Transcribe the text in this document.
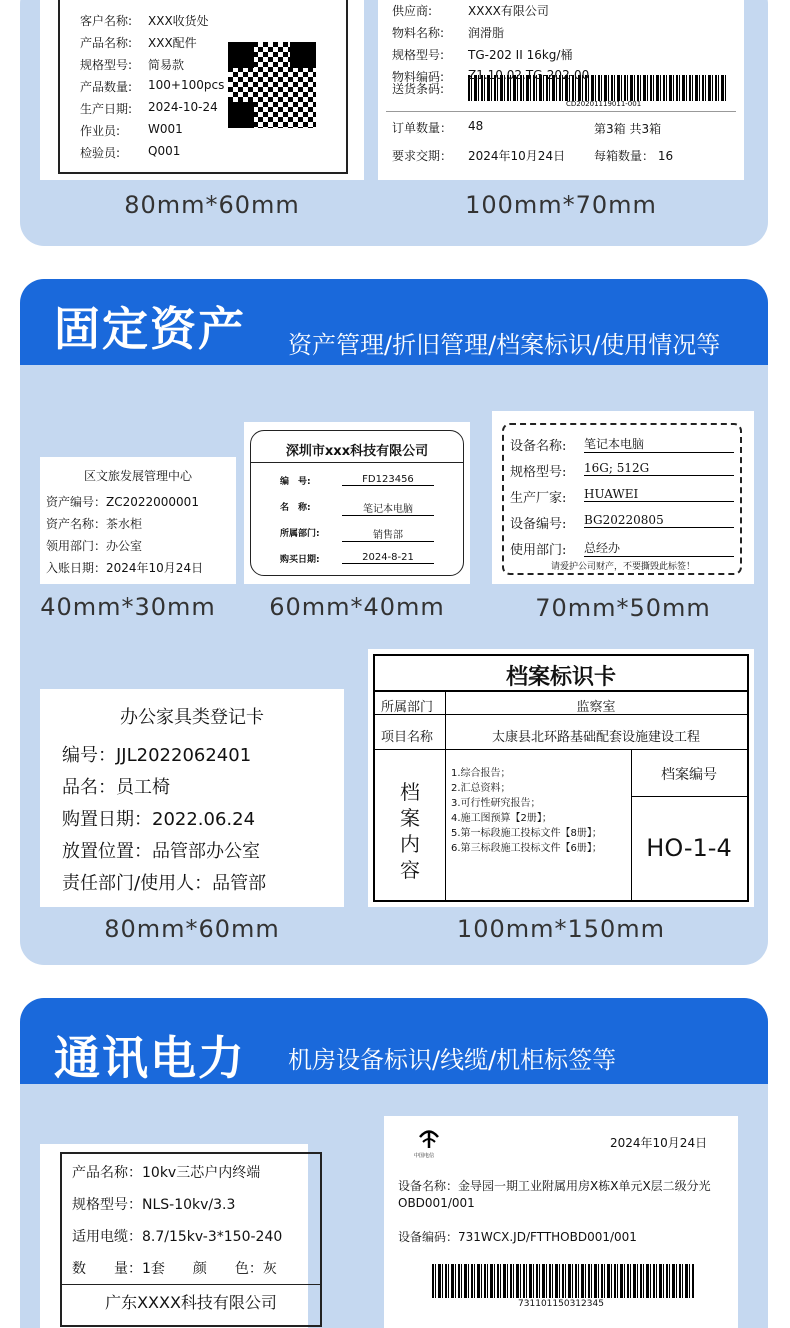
80mm*60mm
客户名称: XXX收货处
产品名称: XXX配件
规格型号: 简易款
产品数量: 100+100pcs
生产日期: 2024-10-24
作业员: W001
检验员: Q001
送货条码:
CD20201119011-001
订单数量： 48	第3箱 共3箱
要求交期： 2024年10月24日 每箱数量： 16
100mm*70mm
供应商:	XXXX有限公司
物料名称: 润滑脂
规格型号: TG-202 II 16kg/桶
物料编码: Z1.10.02.TG-202-00
固定资产 资产管理/折旧管理/档案标识/使用情况等
区文旅发展管理中心
资产编号：ZC2022000001
资产名称：茶水柜
领用部门：办公室
入账日期：2024年10月24日
40mm*30mm
深圳市xxx科技有限公司
编　号:	FD123456
名　称:	笔记本电脑
所属部门:	销售部
购买日期:	2024-8-21
60mm*40mm
请爱护公司财产，不要撕毁此标签！
设备名称: 笔记本电脑
规格型号: 16G; 512G
生产厂家: HUAWEI
设备编号: BG20220805
使用部门: 总经办
70mm*50mm
办公家具类登记卡
编号：JJL2022062401
品名：员工椅
购置日期：2022.06.24
放置位置：品管部办公室
责任部门/使用人：品管部
80mm*60mm
档案标识卡
所属部门	监察室
项目名称	太康县北环路基础配套设施建设工程
档
案
内
容
1.综合报告；
2.汇总资料；
3.可行性研究报告；
4.施工图预算【2册】；
5.第一标段施工投标文件【8册】；
6.第三标段施工投标文件【6册】；
档案编号
HO-1-4
100mm*150mm
通讯电力 机房设备标识/线缆/机柜标签等
广东XXXX科技有限公司
产品名称：10kv三芯户内终端
规格型号：NLS-10kv/3.3
适用电缆：8.7/15kv-3*150-240
数　　量：1套　　颜　　色：灰
中国电信
2024年10月24日
设备名称：金导园一期工业附属用房X栋X单元X层二级分光OBD001/001
设备编码：731WCX.JD/FTTHOBD001/001
731101150312345
